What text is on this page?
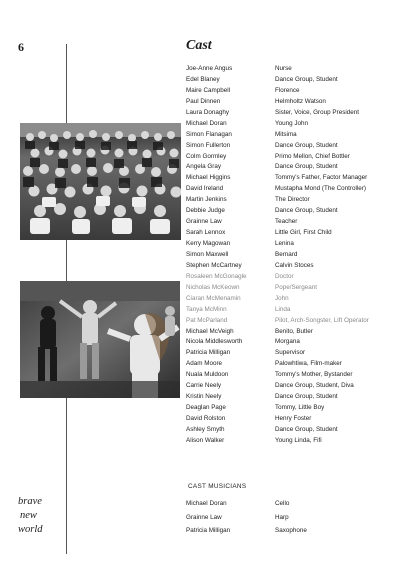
6	Cast
Joe-Anne Angus	Nurse
Edel Blaney	Dance Group, Student
Maire Campbell	Florence
Paul Dinnen	Helmholtz Watson
Laura Donaghy	Sister, Voice, Group President
Michael Doran	Young John
Simon Flanagan	Mitsima
Simon Fullerton	Dance Group, Student
Colm Gormley	Primo Mellon, Chief Bottler
Angela Gray	Dance Group, Student
Michael Higgins	Tommy's Father, Factor Manager
David Ireland	Mustapha Mond (The Controller)
Martin Jenkins	The Director
Debbie Judge	Dance Group, Student
Grainne Law	Teacher
Sarah Lennox	Little Girl, First Child
Kerry Magowan	Lenina
Simon Maxwell	Bernard
Stephen McCartney	Calvin Stoces
Rosaleen McGonagle	Doctor
Nicholas McKeown	Pope/Sergeant
Ciaran McMenamin	John
Tanya McMinn	Linda
Pat McParland	Pilot, Arch-Songster, Lift Operator
Michael McVeigh	Benito, Butler
Nicola Middlesworth	Morgana
Patricia Milligan	Supervisor
Adam Moore	Palowhtiwa, Film-maker
Nuala Muldoon	Tommy's Mother, Bystander
Carrie Neely	Dance Group, Student, Diva
Kristin Neely	Dance Group, Student
Deaglan Page	Tommy, Little Boy
David Rolston	Henry Foster
Ashley Smyth	Dance Group, Student
Alison Walker	Young Linda, Fifi
CAST MUSICIANS
Michael Doran	Cello
Grainne Law	Harp
Patricia Milligan	Saxophone
brave
new
world
